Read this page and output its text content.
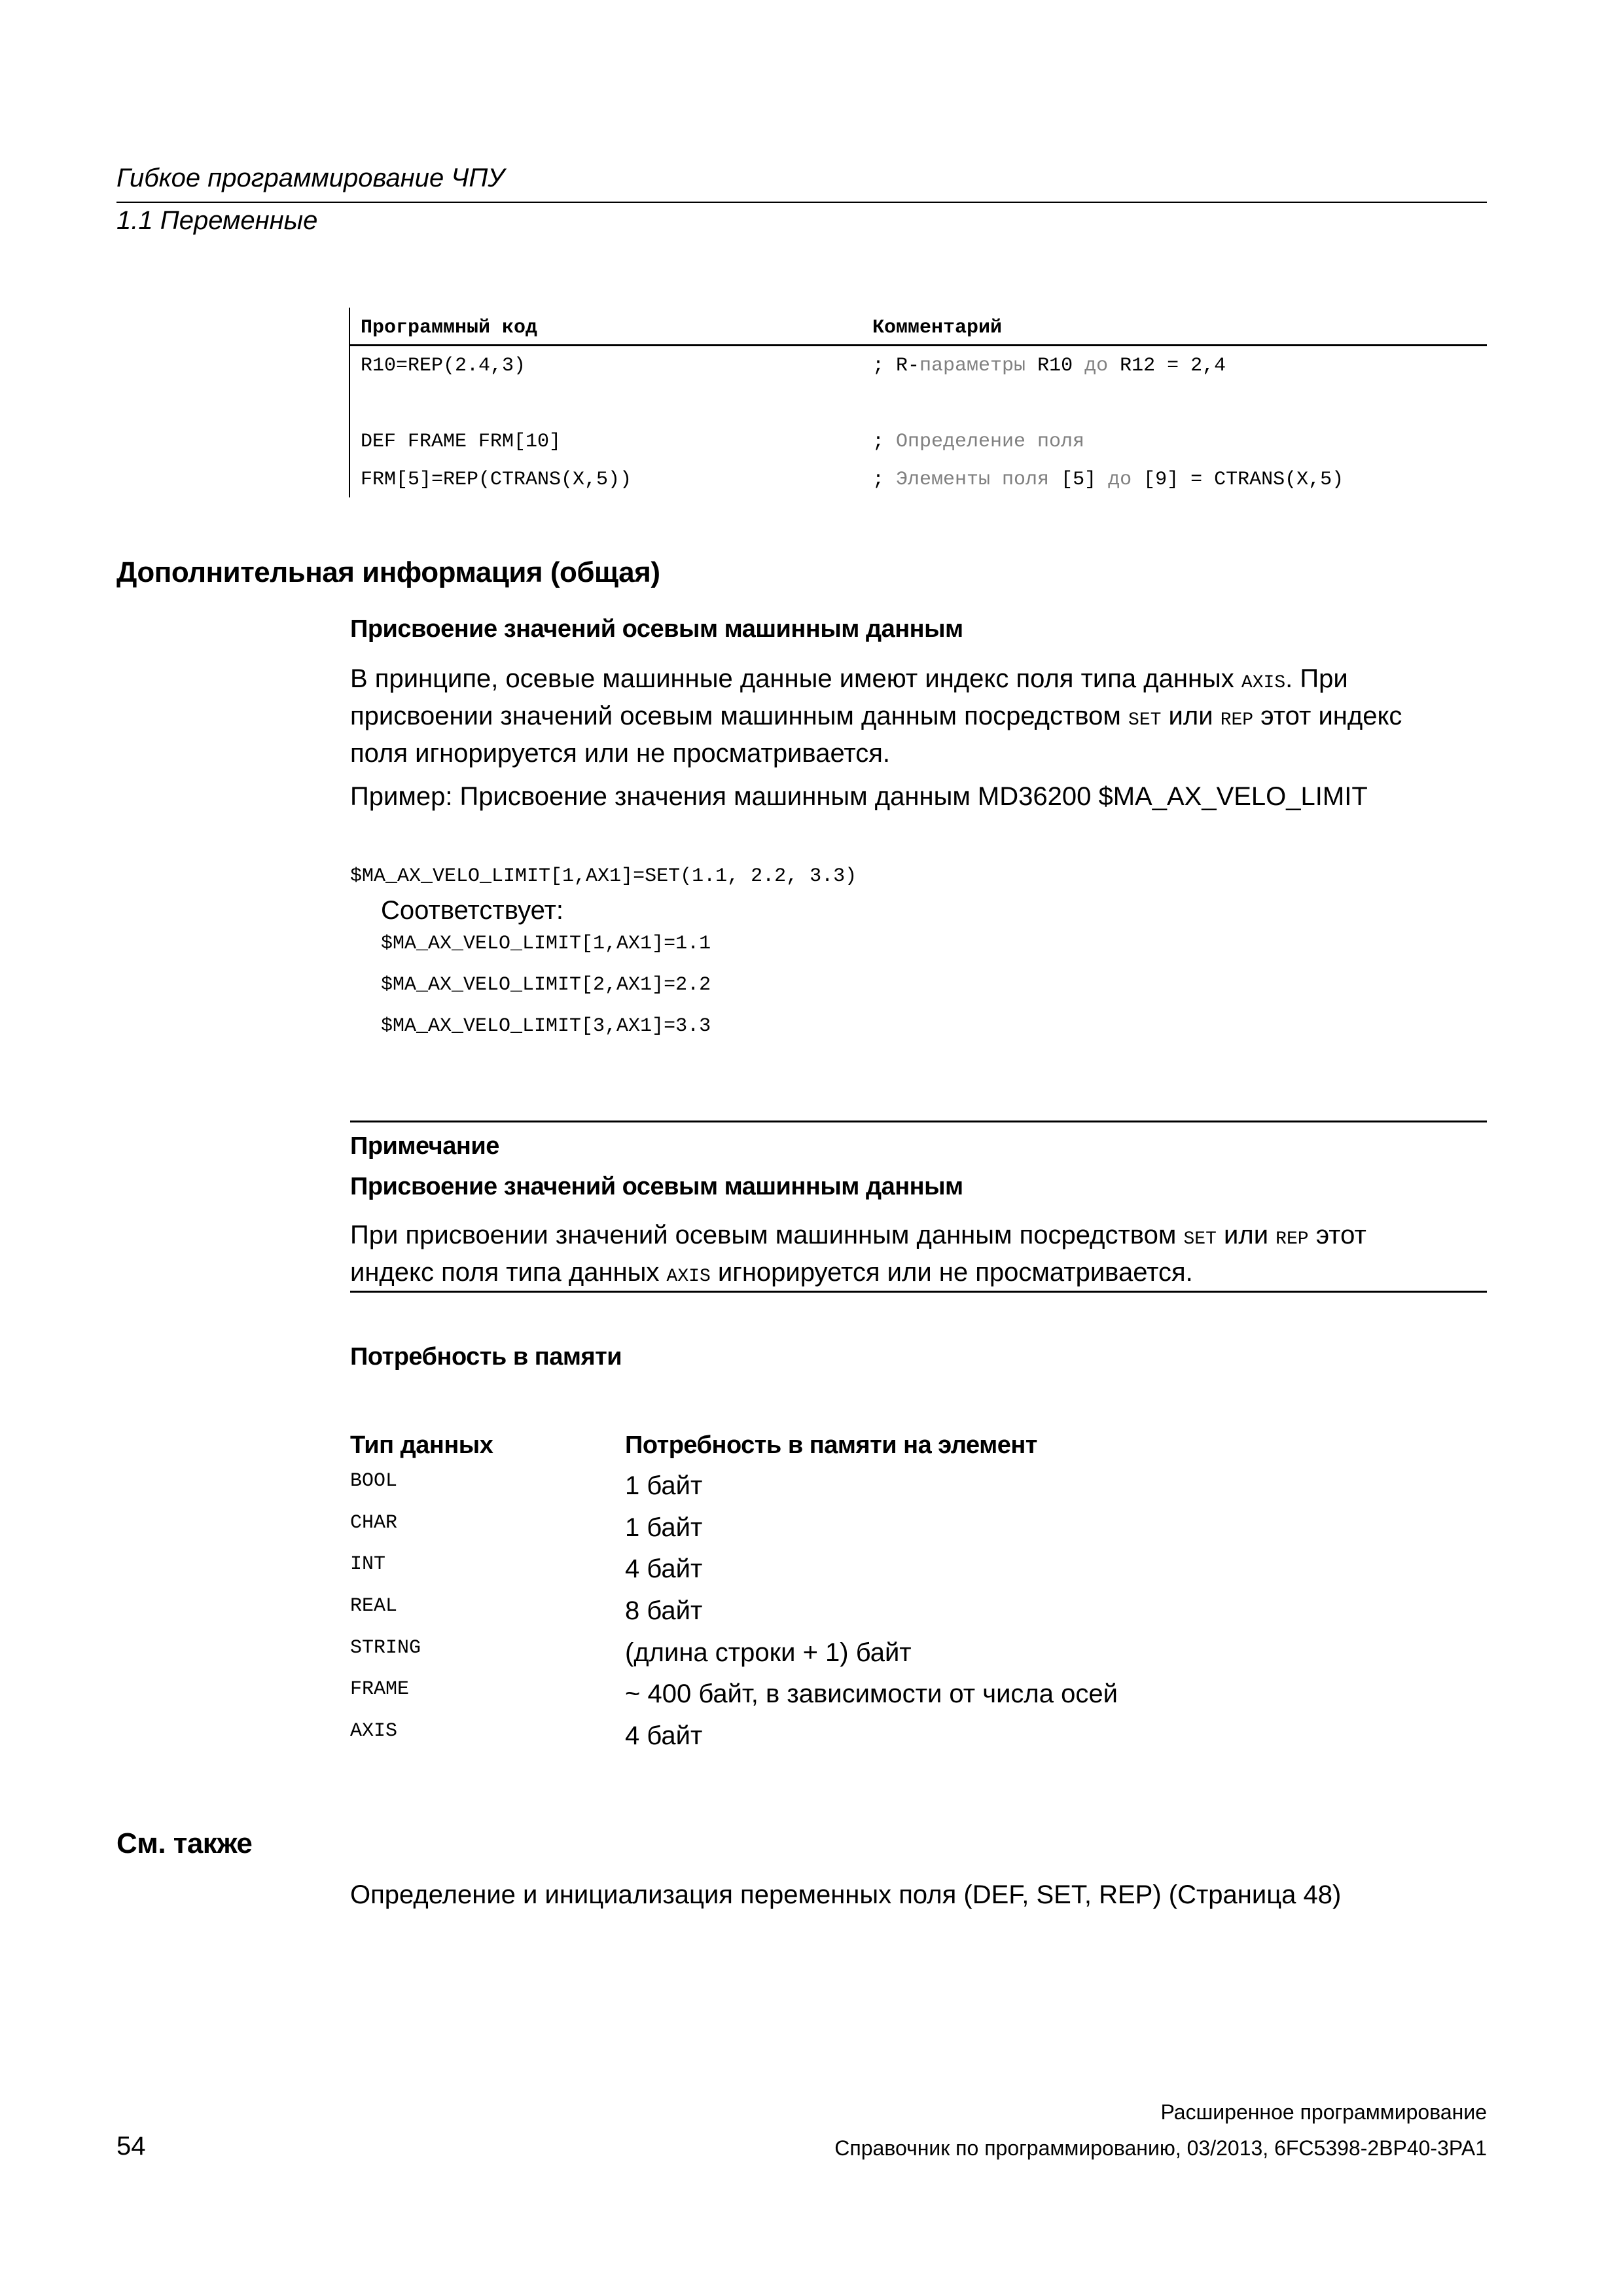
Гибкое программирование ЧПУ
1.1 Переменные
Программный код	Комментарий
R10=REP(2.4,3)	; R-параметры R10 до R12 = 2,4
DEF FRAME FRM[10]	; Определение поля
FRM[5]=REP(CTRANS(X,5))	; Элементы поля [5] до [9] = CTRANS(X,5)
Дополнительная информация (общая)
Присвоение значений осевым машинным данным
В принципе, осевые машинные данные имеют индекс поля типа данных AXIS. При
присвоении значений осевым машинным данным посредством SET или REP этот индекс
поля игнорируется или не просматривается.
Пример: Присвоение значения машинным данным MD36200 $MA_AX_VELO_LIMIT
$MA_AX_VELO_LIMIT[1,AX1]=SET(1.1, 2.2, 3.3)
Соответствует:
$MA_AX_VELO_LIMIT[1,AX1]=1.1
$MA_AX_VELO_LIMIT[2,AX1]=2.2
$MA_AX_VELO_LIMIT[3,AX1]=3.3
Примечание
Присвоение значений осевым машинным данным
При присвоении значений осевым машинным данным посредством SET или REP этот
индекс поля типа данных AXIS игнорируется или не просматривается.
Потребность в памяти
Тип данных	Потребность в памяти на элемент
BOOL	1 байт
CHAR	1 байт
INT	4 байт
REAL	8 байт
STRING	(длина строки + 1) байт
FRAME	~ 400 байт, в зависимости от числа осей
AXIS	4 байт
См. также
Определение и инициализация переменных поля (DEF, SET, REP) (Страница 48)
Расширенное программирование
54	Справочник по программированию, 03/2013, 6FC5398-2BP40-3PA1
